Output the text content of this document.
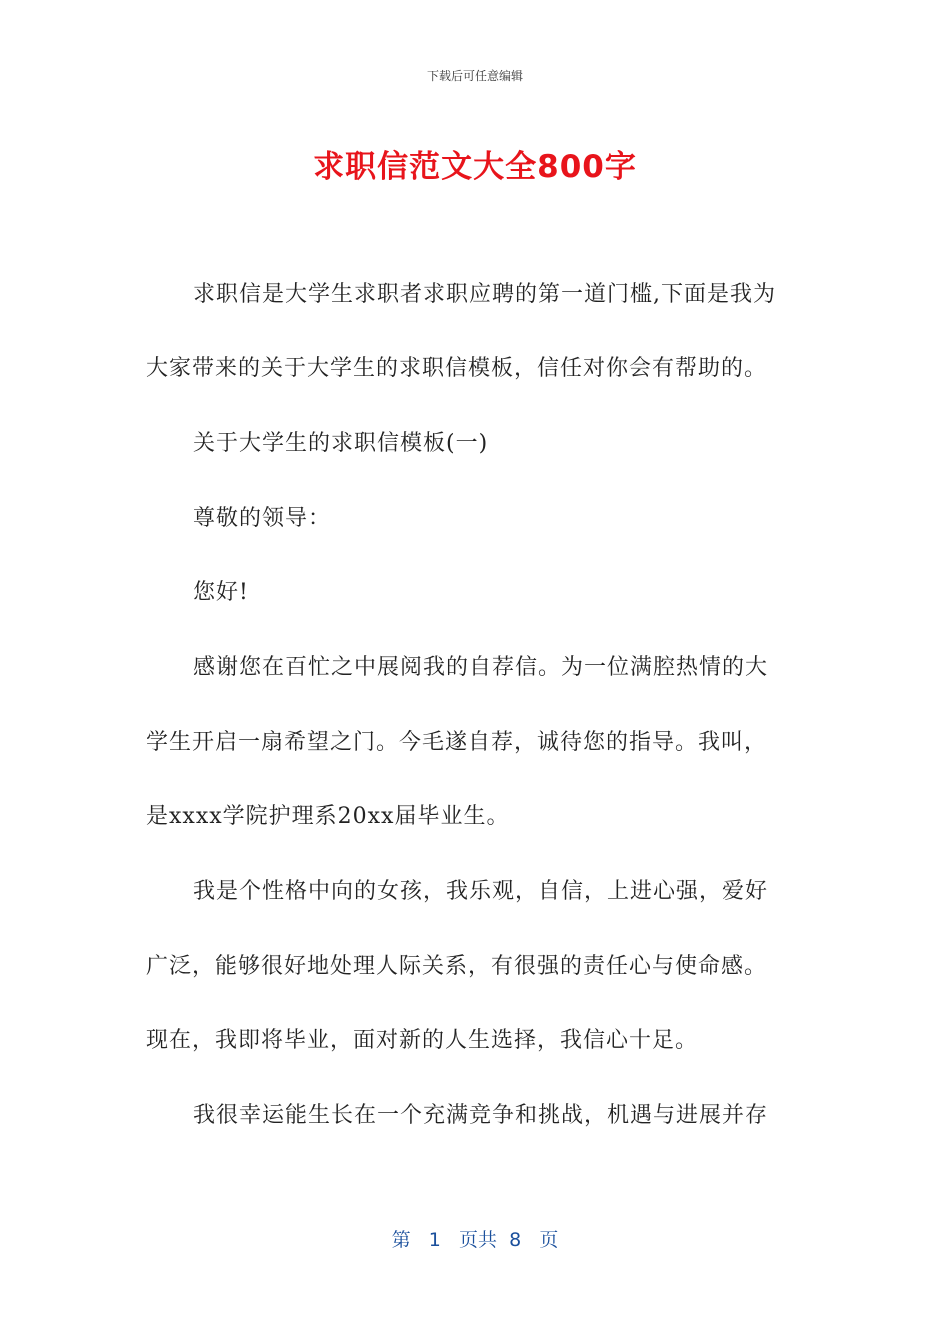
下载后可任意编辑
求职信范文大全800字
求职信是大学生求职者求职应聘的第一道门槛,下面是我为
大家带来的关于大学生的求职信模板，信任对你会有帮助的。
关于大学生的求职信模板(一)
尊敬的领导：
您好!
感谢您在百忙之中展阅我的自荐信。为一位满腔热情的大
学生开启一扇希望之门。今毛遂自荐，诚待您的指导。我叫，
是xxxx学院护理系20xx届毕业生。
我是个性格中向的女孩，我乐观，自信，上进心强，爱好
广泛，能够很好地处理人际关系，有很强的责任心与使命感。
现在，我即将毕业，面对新的人生选择，我信心十足。
我很幸运能生长在一个充满竞争和挑战，机遇与进展并存
第 1 页共 8 页
